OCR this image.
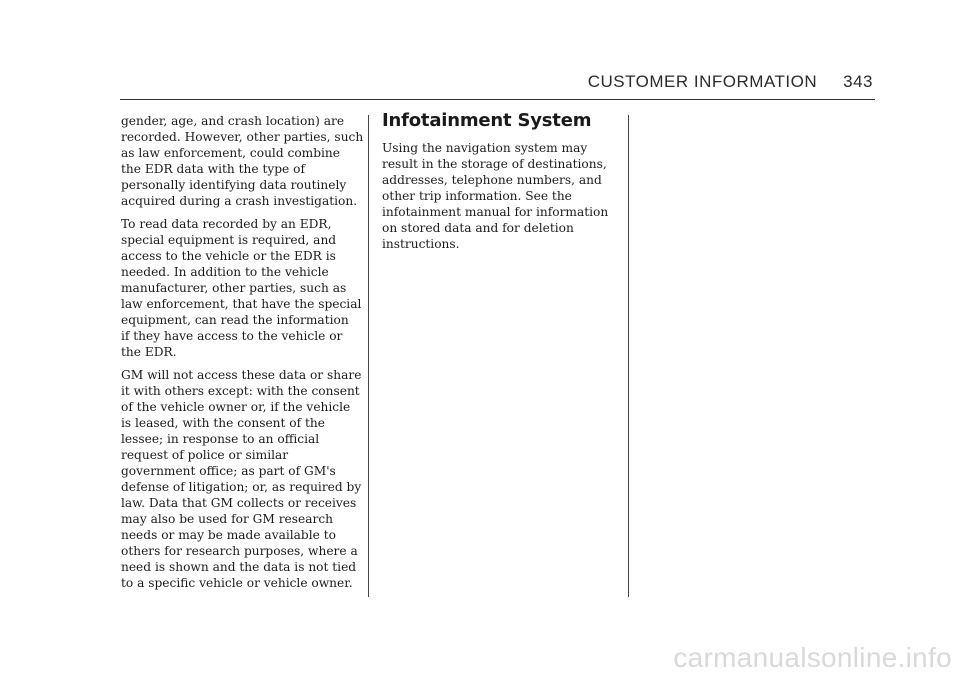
CUSTOMER INFORMATION 343

gender, age, and crash location) are
recorded. However, other parties, such
as law enforcement, could combine
the EDR data with the type of
personally identifying data routinely
acquired during a crash investigation.

To read data recorded by an EDR,
special equipment is required, and
access to the vehicle or the EDR is
needed. In addition to the vehicle
manufacturer, other parties, such as
law enforcement, that have the special
equipment, can read the information
if they have access to the vehicle or
the EDR.

GM will not access these data or share
it with others except: with the consent
of the vehicle owner or, if the vehicle
is leased, with the consent of the
lessee; in response to an official
request of police or similar
government office; as part of GM's
defense of litigation; or, as required by
law. Data that GM collects or receives
may also be used for GM research
needs or may be made available to
others for research purposes, where a
need is shown and the data is not tied
to a specific vehicle or vehicle owner.

Infotainment System

Using the navigation system may
result in the storage of destinations,
addresses, telephone numbers, and
other trip information. See the
infotainment manual for information
on stored data and for deletion
instructions.

carmanualsonline.info
